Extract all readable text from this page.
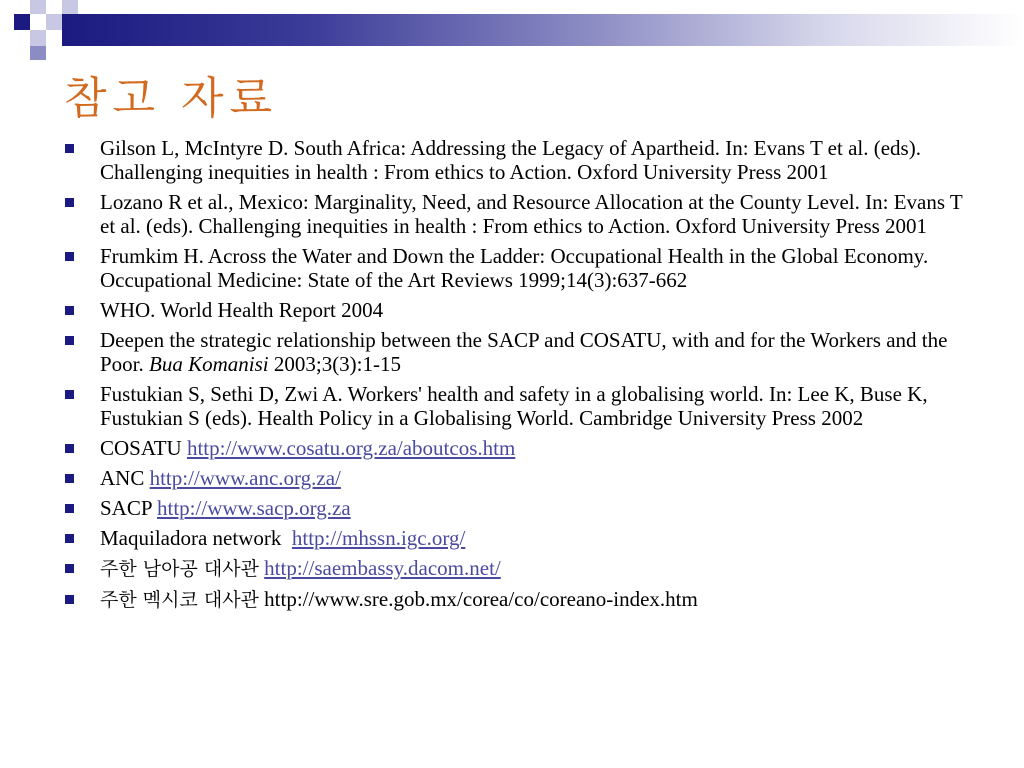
참고 자료
Gilson L, McIntyre D. South Africa: Addressing the Legacy of Apartheid. In: Evans T et al. (eds). Challenging inequities in health : From ethics to Action. Oxford University Press 2001
Lozano R et al., Mexico: Marginality, Need, and Resource Allocation at the County Level. In: Evans T et al. (eds). Challenging inequities in health : From ethics to Action. Oxford University Press 2001
Frumkim H. Across the Water and Down the Ladder: Occupational Health in the Global Economy. Occupational Medicine: State of the Art Reviews 1999;14(3):637-662
WHO. World Health Report 2004
Deepen the strategic relationship between the SACP and COSATU, with and for the Workers and the Poor. Bua Komanisi 2003;3(3):1-15
Fustukian S, Sethi D, Zwi A. Workers' health and safety in a globalising world. In: Lee K, Buse K, Fustukian S (eds). Health Policy in a Globalising World. Cambridge University Press 2002
COSATU http://www.cosatu.org.za/aboutcos.htm
ANC http://www.anc.org.za/
SACP http://www.sacp.org.za
Maquiladora network http://mhssn.igc.org/
주한 남아공 대사관 http://saembassy.dacom.net/
주한 멕시코 대사관 http://www.sre.gob.mx/corea/co/coreano-index.htm
